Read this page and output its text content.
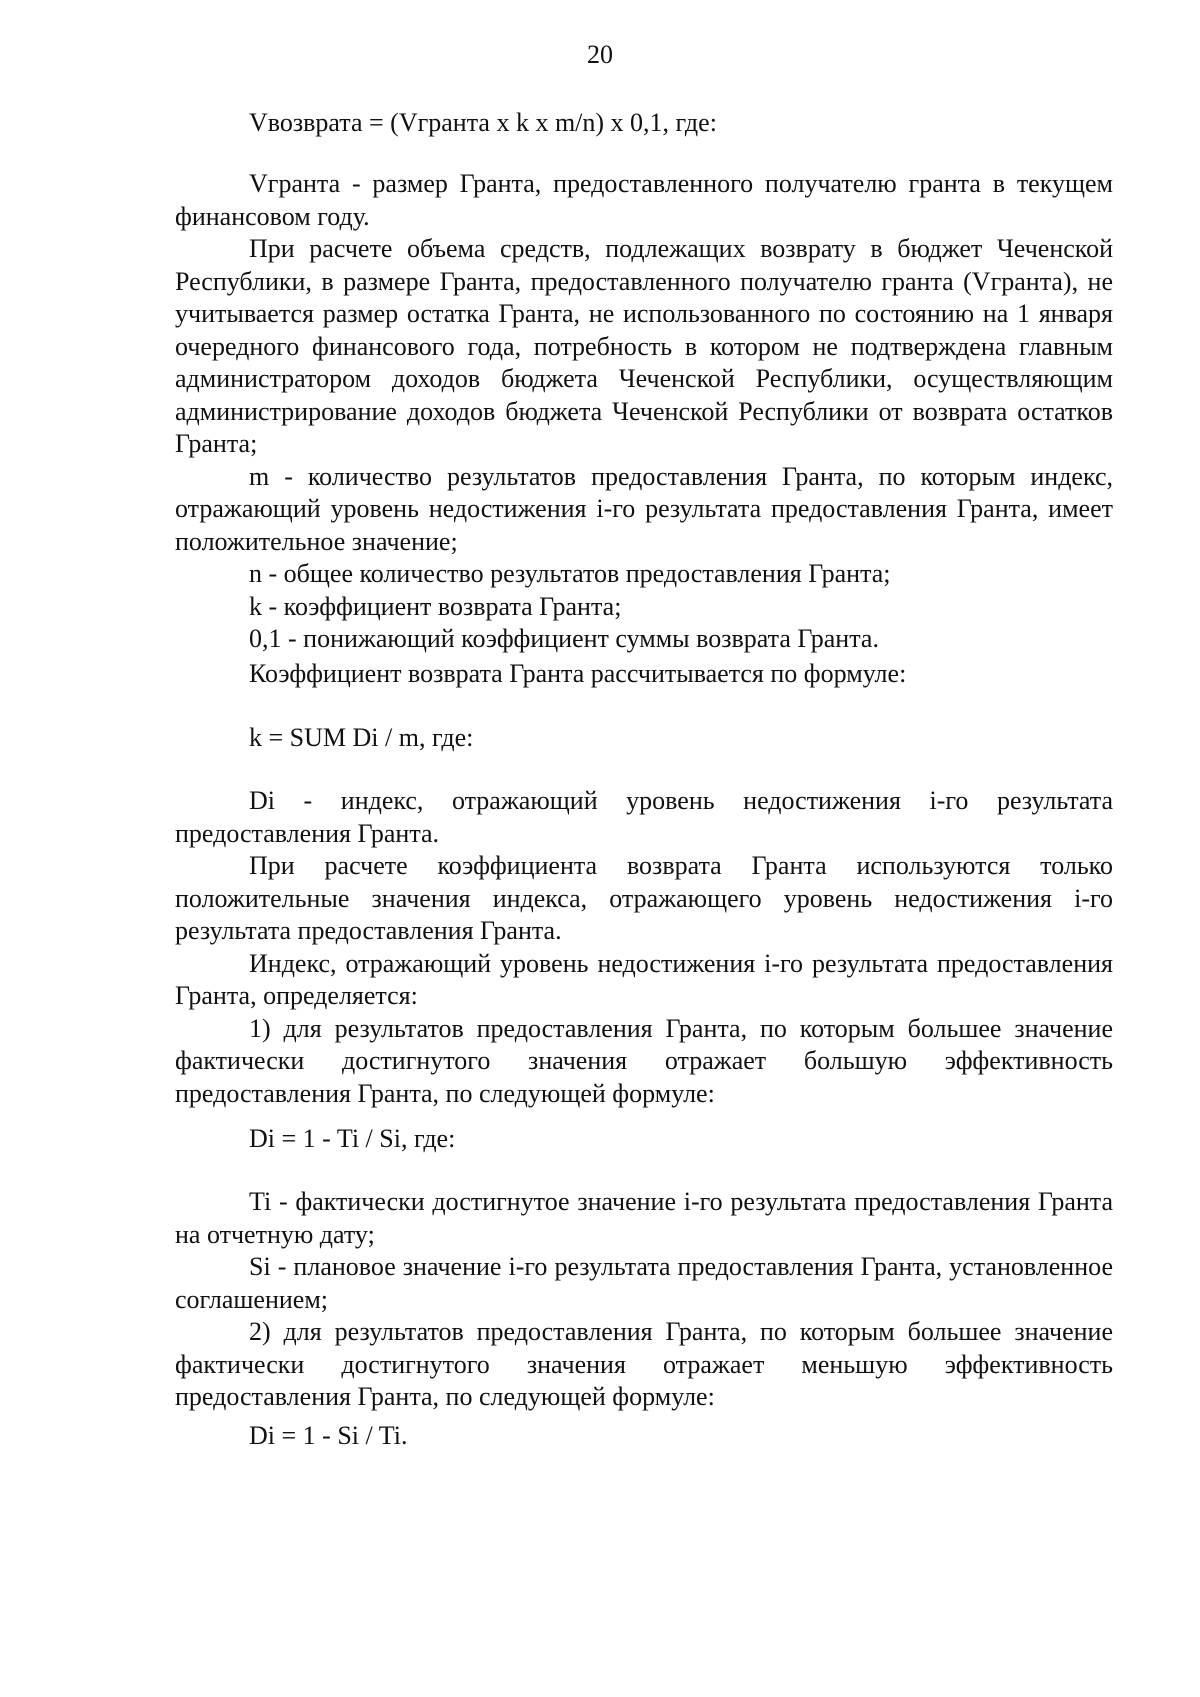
20
Vвозврата = (Vгранта x k x m/n) x 0,1, где:

Vгранта - размер Гранта, предоставленного получателю гранта в текущем финансовом году.

При расчете объема средств, подлежащих возврату в бюджет Чеченской Республики, в размере Гранта, предоставленного получателю гранта (Vгранта), не учитывается размер остатка Гранта, не использованного по состоянию на 1 января очередного финансового года, потребность в котором не подтверждена главным администратором доходов бюджета Чеченской Республики, осуществляющим администрирование доходов бюджета Чеченской Республики от возврата остатков Гранта;

m - количество результатов предоставления Гранта, по которым индекс, отражающий уровень недостижения i-го результата предоставления Гранта, имеет положительное значение;

n - общее количество результатов предоставления Гранта;

k - коэффициент возврата Гранта;

0,1 - понижающий коэффициент суммы возврата Гранта.

Коэффициент возврата Гранта рассчитывается по формуле:
k = SUM Di / m, где:

Di - индекс, отражающий уровень недостижения i-го результата предоставления Гранта.

При расчете коэффициента возврата Гранта используются только положительные значения индекса, отражающего уровень недостижения i-го результата предоставления Гранта.

Индекс, отражающий уровень недостижения i-го результата предоставления Гранта, определяется:

1) для результатов предоставления Гранта, по которым большее значение фактически достигнутого значения отражает большую эффективность предоставления Гранта, по следующей формуле:

Di = 1 - Ti / Si, где:

Ti - фактически достигнутое значение i-го результата предоставления Гранта на отчетную дату;

Si - плановое значение i-го результата предоставления Гранта, установленное соглашением;

2) для результатов предоставления Гранта, по которым большее значение фактически достигнутого значения отражает меньшую эффективность предоставления Гранта, по следующей формуле:

Di = 1 - Si / Ti.
